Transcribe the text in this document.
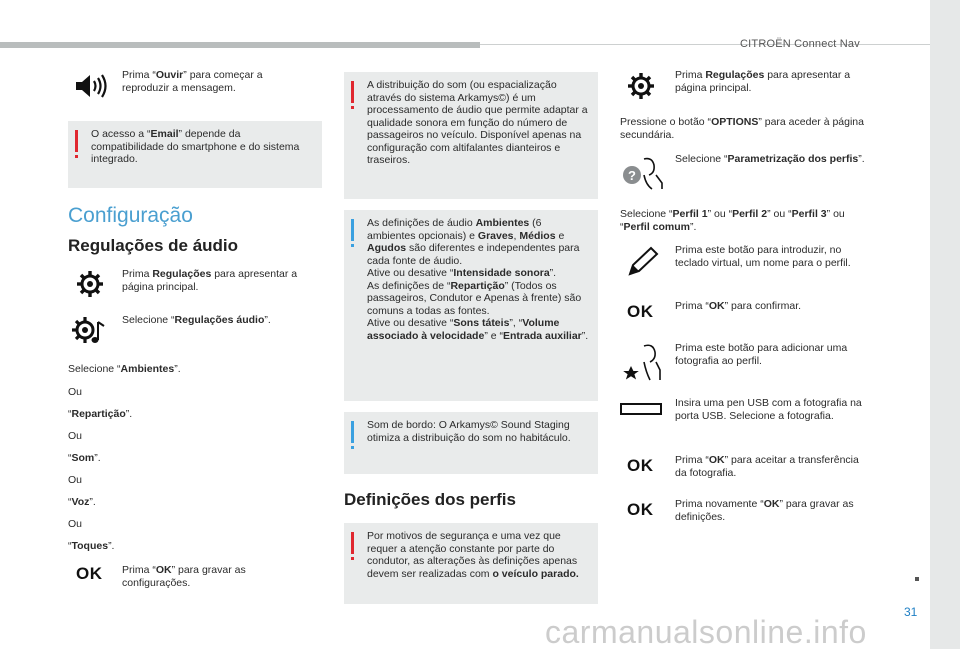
CITROËN Connect Nav
31
carmanualsonline.info
Prima “Ouvir” para começar a reproduzir a mensagem.
O acesso a “Email” depende da compatibilidade do smartphone e do sistema integrado.
Configuração
Regulações de áudio
Prima Regulações para apresentar a página principal.
Selecione “Regulações áudio”.
Selecione “Ambientes”.
Ou
“Repartição”.
Ou
“Som”.
Ou
“Voz”.
Ou
“Toques”.
OK Prima “OK” para gravar as configurações.
A distribuição do som (ou espacialização através do sistema Arkamys©) é um processamento de áudio que permite adaptar a qualidade sonora em função do número de passageiros no veículo. Disponível apenas na configuração com altifalantes dianteiros e traseiros.
As definições de áudio Ambientes (6 ambientes opcionais) e Graves, Médios e Agudos são diferentes e independentes para cada fonte de áudio.
Ative ou desative “Intensidade sonora”.
As definições de “Repartição” (Todos os passageiros, Condutor e Apenas à frente) são comuns a todas as fontes.
Ative ou desative “Sons táteis”, “Volume associado à velocidade” e “Entrada auxiliar”.
Som de bordo: O Arkamys© Sound Staging otimiza a distribuição do som no habitáculo.
Definições dos perfis
Por motivos de segurança e uma vez que requer a atenção constante por parte do condutor, as alterações às definições apenas devem ser realizadas com o veículo parado.
Prima Regulações para apresentar a página principal.
Pressione o botão “OPTIONS” para aceder à página secundária.
?
Selecione “Parametrização dos perfis”.
Selecione “Perfil 1” ou “Perfil 2” ou “Perfil 3” ou “Perfil comum”.
Prima este botão para introduzir, no teclado virtual, um nome para o perfil.
OK Prima “OK” para confirmar.
Prima este botão para adicionar uma fotografia ao perfil.
Insira uma pen USB com a fotografia na porta USB. Selecione a fotografia.
OK Prima “OK” para aceitar a transferência da fotografia.
OK Prima novamente “OK” para gravar as definições.
